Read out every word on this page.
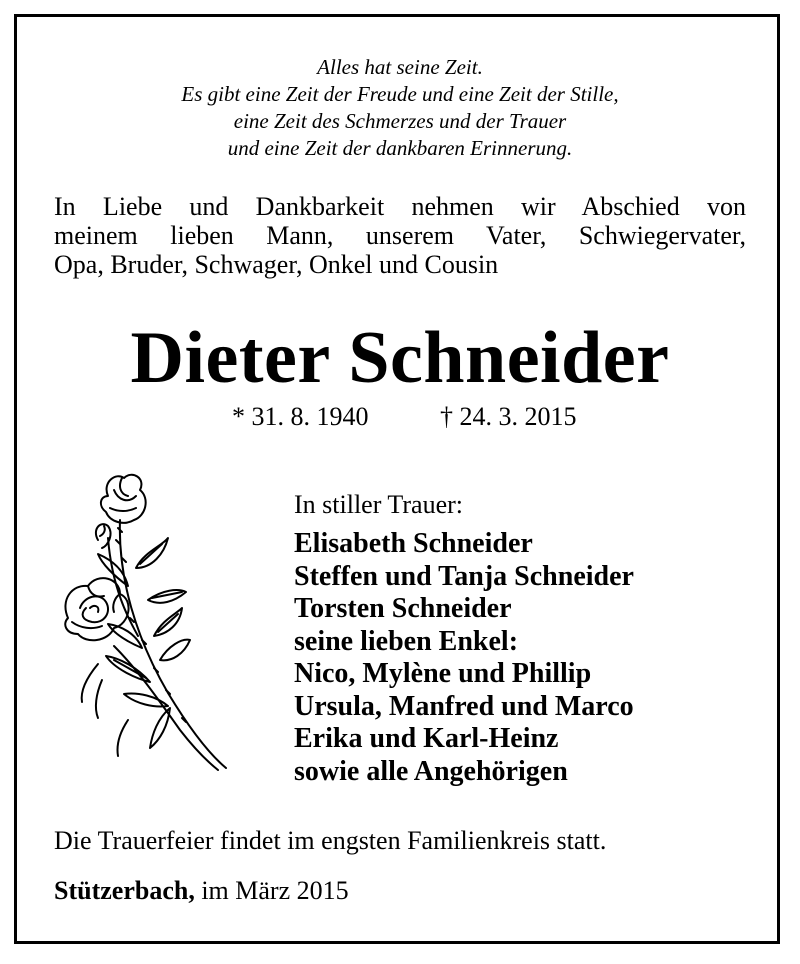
Alles hat seine Zeit.
Es gibt eine Zeit der Freude und eine Zeit der Stille,
eine Zeit des Schmerzes und der Trauer
und eine Zeit der dankbaren Erinnerung.
In Liebe und Dankbarkeit nehmen wir Abschied von
meinem lieben Mann, unserem Vater, Schwiegervater,
Opa, Bruder, Schwager, Onkel und Cousin
Dieter Schneider
* 31. 8. 1940	† 24. 3. 2015
In stiller Trauer:
Elisabeth Schneider
Steffen und Tanja Schneider
Torsten Schneider
seine lieben Enkel:
Nico, Mylène und Phillip
Ursula, Manfred und Marco
Erika und Karl-Heinz
sowie alle Angehörigen
Die Trauerfeier findet im engsten Familienkreis statt.
Stützerbach, im März 2015
